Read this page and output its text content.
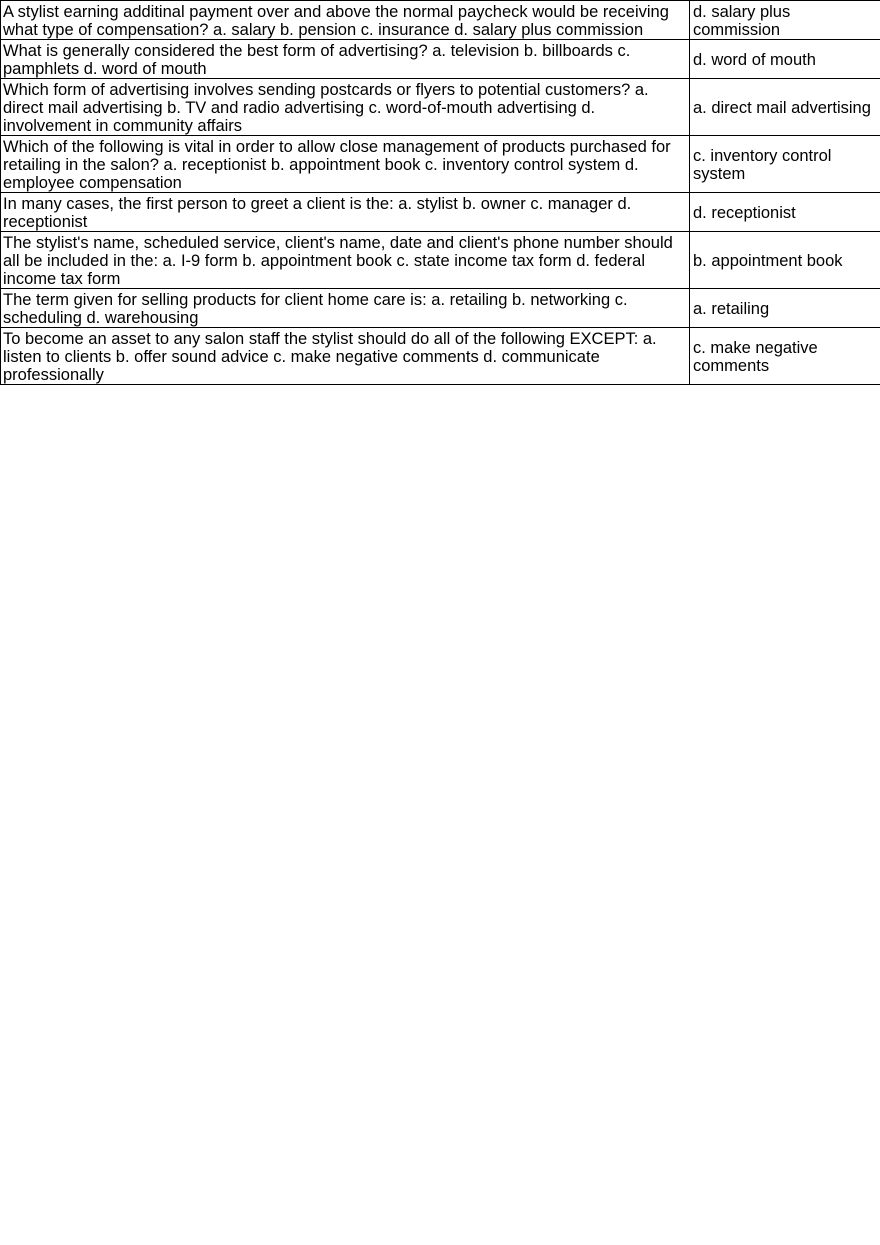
A stylist earning additinal payment over and above the normal paycheck would be receiving what type of compensation? a. salary b. pension c. insurance d. salary plus commission	d. salary plus commission
What is generally considered the best form of advertising? a. television b. billboards c. pamphlets d. word of mouth	d. word of mouth
Which form of advertising involves sending postcards or flyers to potential customers? a. direct mail advertising b. TV and radio advertising c. word-of-mouth advertising d. involvement in community affairs	a. direct mail advertising
Which of the following is vital in order to allow close management of products purchased for retailing in the salon? a. receptionist b. appointment book c. inventory control system d. employee compensation	c. inventory control system
In many cases, the first person to greet a client is the: a. stylist b. owner c. manager d. receptionist	d. receptionist
The stylist's name, scheduled service, client's name, date and client's phone number should all be included in the: a. I-9 form b. appointment book c. state income tax form d. federal income tax form	b. appointment book
The term given for selling products for client home care is: a. retailing b. networking c. scheduling d. warehousing	a. retailing
To become an asset to any salon staff the stylist should do all of the following EXCEPT: a. listen to clients b. offer sound advice c. make negative comments d. communicate professionally	c. make negative comments
